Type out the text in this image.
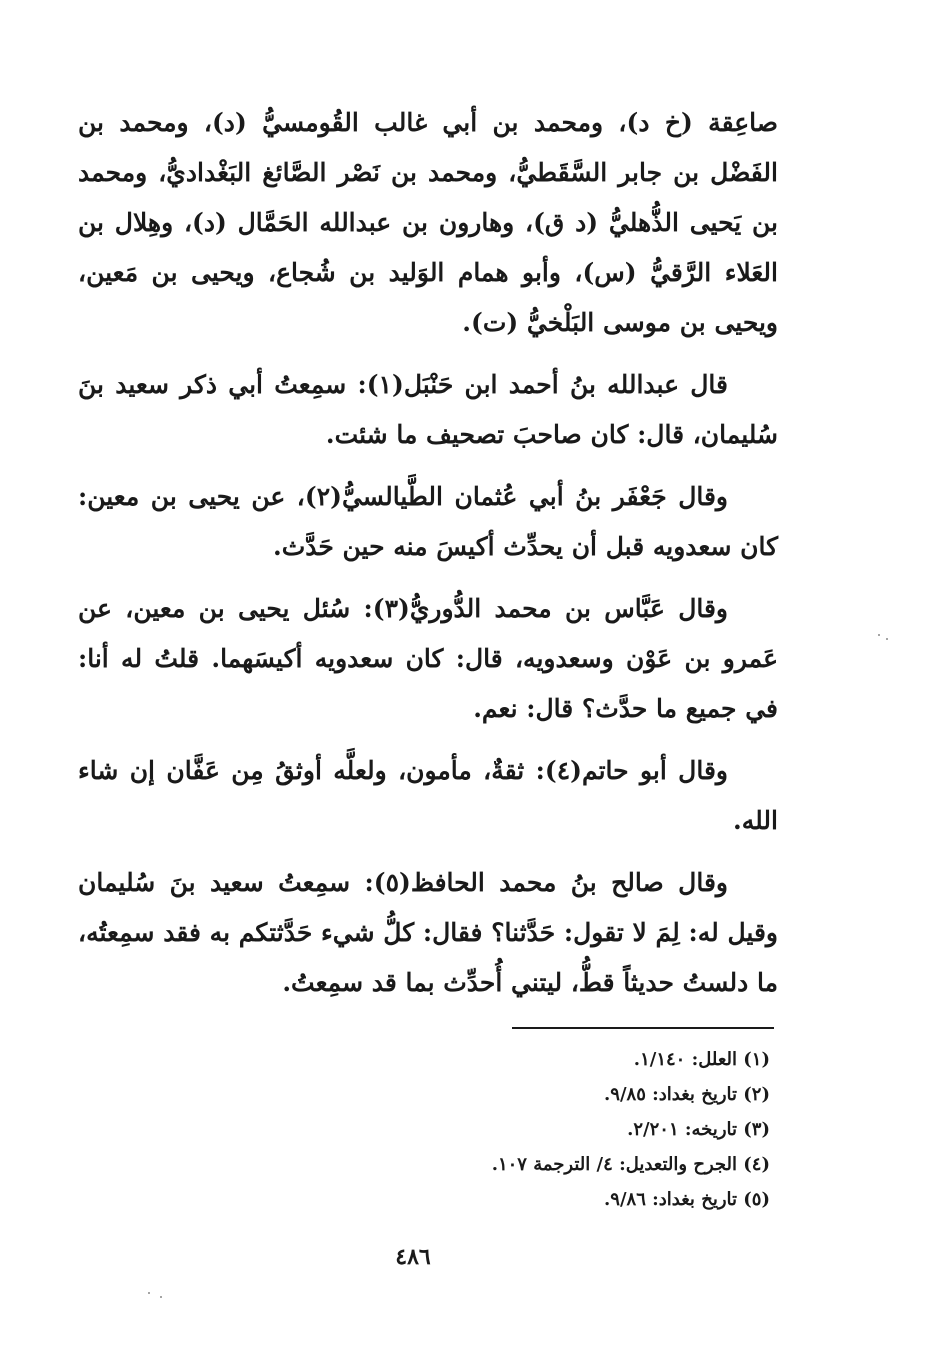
صاعِقة (خ د)، ومحمد بن أبي غالب القُومسيُّ (د)، ومحمد بن الفَضْل بن جابر السَّقَطيُّ، ومحمد بن نَصْر الصَّائغ البَغْداديُّ، ومحمد بن يَحيى الذُّهليُّ (د ق)، وهارون بن عبدالله الحَمَّال (د)، وهِلال بن العَلاء الرَّقيُّ (س)، وأبو همام الوَليد بن شُجاع، ويحيى بن مَعين، ويحيى بن موسى البَلْخيُّ (ت).

قال عبدالله بنُ أحمد ابن حَنْبَل(١): سمِعتُ أبي ذكر سعيد بنَ سُليمان، قال: كان صاحبَ تصحيف ما شئت.

وقال جَعْفَر بنُ أبي عُثمان الطَّيالسيُّ(٢)، عن يحيى بن معين: كان سعدويه قبل أن يحدِّث أكيسَ منه حين حَدَّث.

وقال عَبَّاس بن محمد الدُّوريُّ(٣): سُئل يحيى بن معين، عن عَمرو بن عَوْن وسعدويه، قال: كان سعدويه أكيسَهما. قلتُ له أنا: في جميع ما حدَّث؟ قال: نعم.

وقال أبو حاتم(٤): ثقةٌ، مأمون، ولعلَّه أوثقُ مِن عَفَّان إن شاء الله.

وقال صالح بنُ محمد الحافظ(٥): سمِعتُ سعيد بنَ سُليمان وقيل له: لِمَ لا تقول: حَدَّثنا؟ فقال: كلُّ شيء حَدَّثتكم به فقد سمِعتُه، ما دلستُ حديثاً قطُّ، ليتني أُحدِّث بما قد سمِعتُ.

(١) العلل: ١/١٤٠.
(٢) تاريخ بغداد: ٩/٨٥.
(٣) تاريخه: ٢/٢٠١.
(٤) الجرح والتعديل: ٤/ الترجمة ١٠٧.
(٥) تاريخ بغداد: ٩/٨٦.
٤٨٦
